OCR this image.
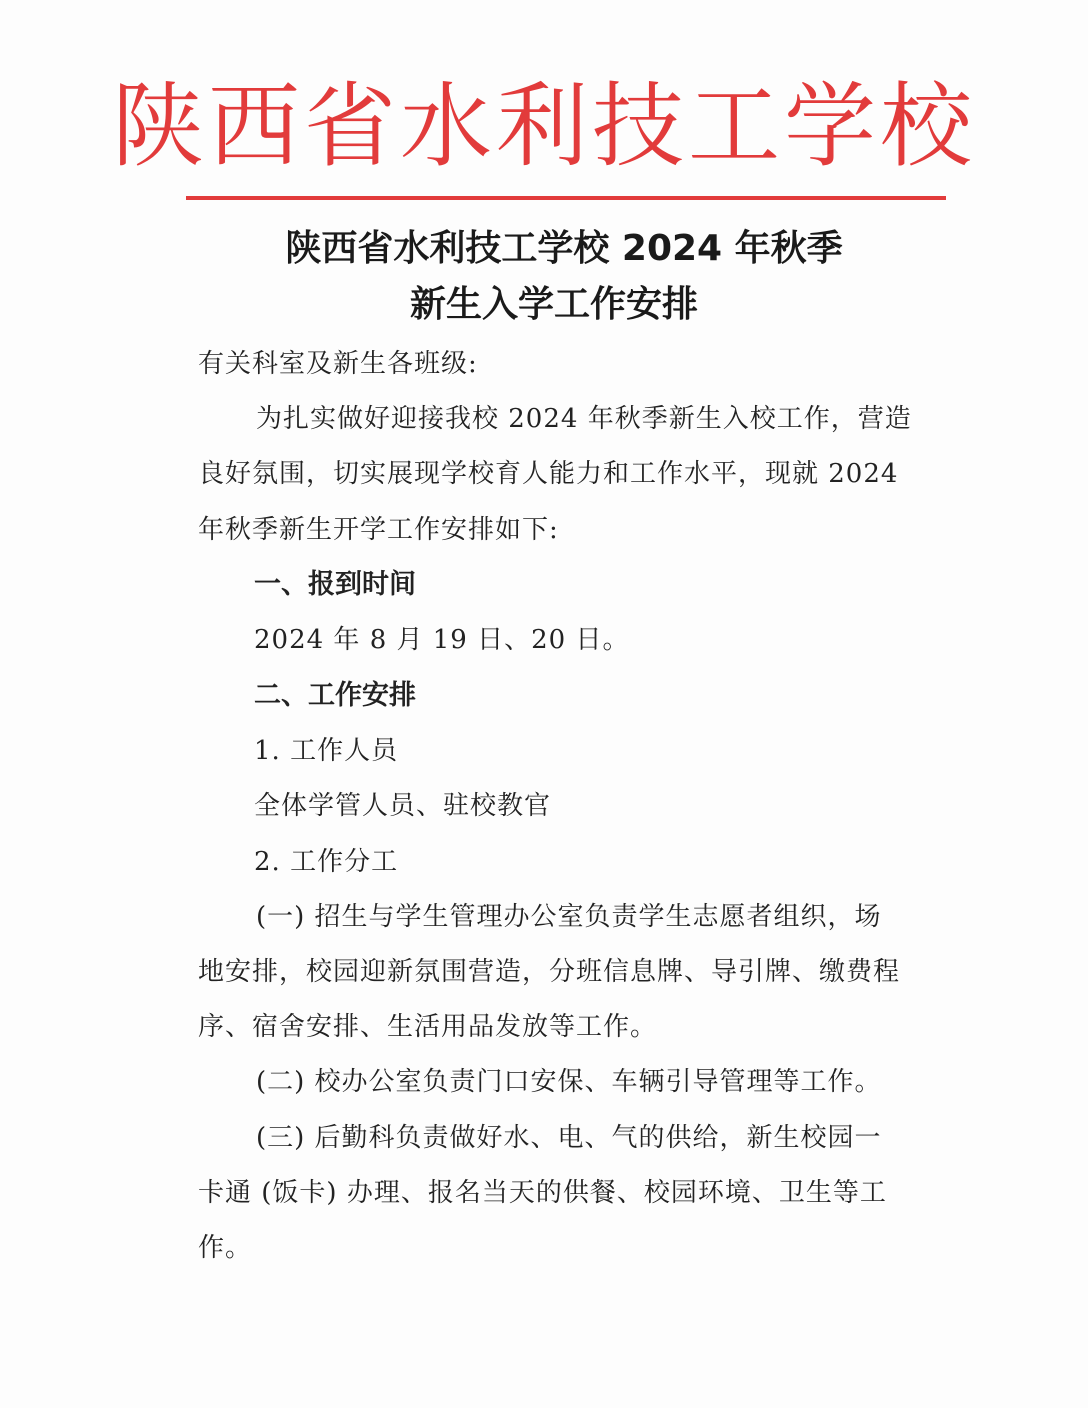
陕西省水利技工学校
陕西省水利技工学校 2024 年秋季
新生入学工作安排
有关科室及新生各班级:
为扎实做好迎接我校 2024 年秋季新生入校工作，营造
良好氛围，切实展现学校育人能力和工作水平，现就 2024
年秋季新生开学工作安排如下:
一、报到时间
2024 年 8 月 19 日、20 日。
二、工作安排
1. 工作人员
全体学管人员、驻校教官
2. 工作分工
(一) 招生与学生管理办公室负责学生志愿者组织，场
地安排，校园迎新氛围营造，分班信息牌、导引牌、缴费程
序、宿舍安排、生活用品发放等工作。
(二) 校办公室负责门口安保、车辆引导管理等工作。
(三) 后勤科负责做好水、电、气的供给，新生校园一
卡通 (饭卡) 办理、报名当天的供餐、校园环境、卫生等工
作。
